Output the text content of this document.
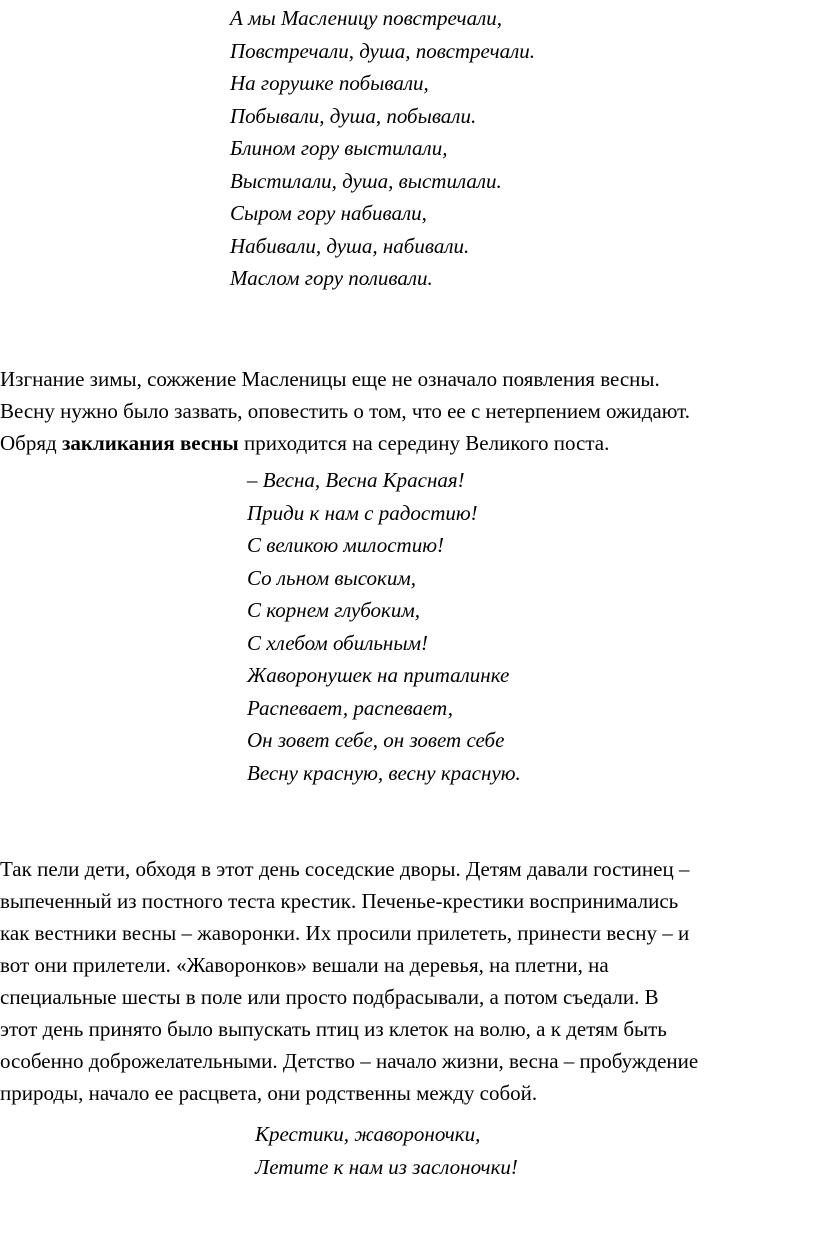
А мы Масленицу повстречали,
Повстречали, душа, повстречали.
На горушке побывали,
Побывали, душа, побывали.
Блином гору выстилали,
Выстилали, душа, выстилали.
Сыром гору набивали,
Набивали, душа, набивали.
Маслом гору поливали.
Изгнание зимы, сожжение Масленицы еще не означало появления весны.
Весну нужно было зазвать, оповестить о том, что ее с нетерпением ожидают.
Обряд закликания весны приходится на середину Великого поста.
– Весна, Весна Красная!
Приди к нам с радостию!
С великою милостию!
Со льном высоким,
С корнем глубоким,
С хлебом обильным!
Жаворонушек на приталинке
Распевает, распевает,
Он зовет себе, он зовет себе
Весну красную, весну красную.
Так пели дети, обходя в этот день соседские дворы. Детям давали гостинец –
выпеченный из постного теста крестик. Печенье-крестики воспринимались
как вестники весны – жаворонки. Их просили прилететь, принести весну – и
вот они прилетели. «Жаворонков» вешали на деревья, на плетни, на
специальные шесты в поле или просто подбрасывали, а потом съедали. В
этот день принято было выпускать птиц из клеток на волю, а к детям быть
особенно доброжелательными. Детство – начало жизни, весна – пробуждение
природы, начало ее расцвета, они родственны между собой.
Крестики, жавороночки,
Летите к нам из заслоночки!
